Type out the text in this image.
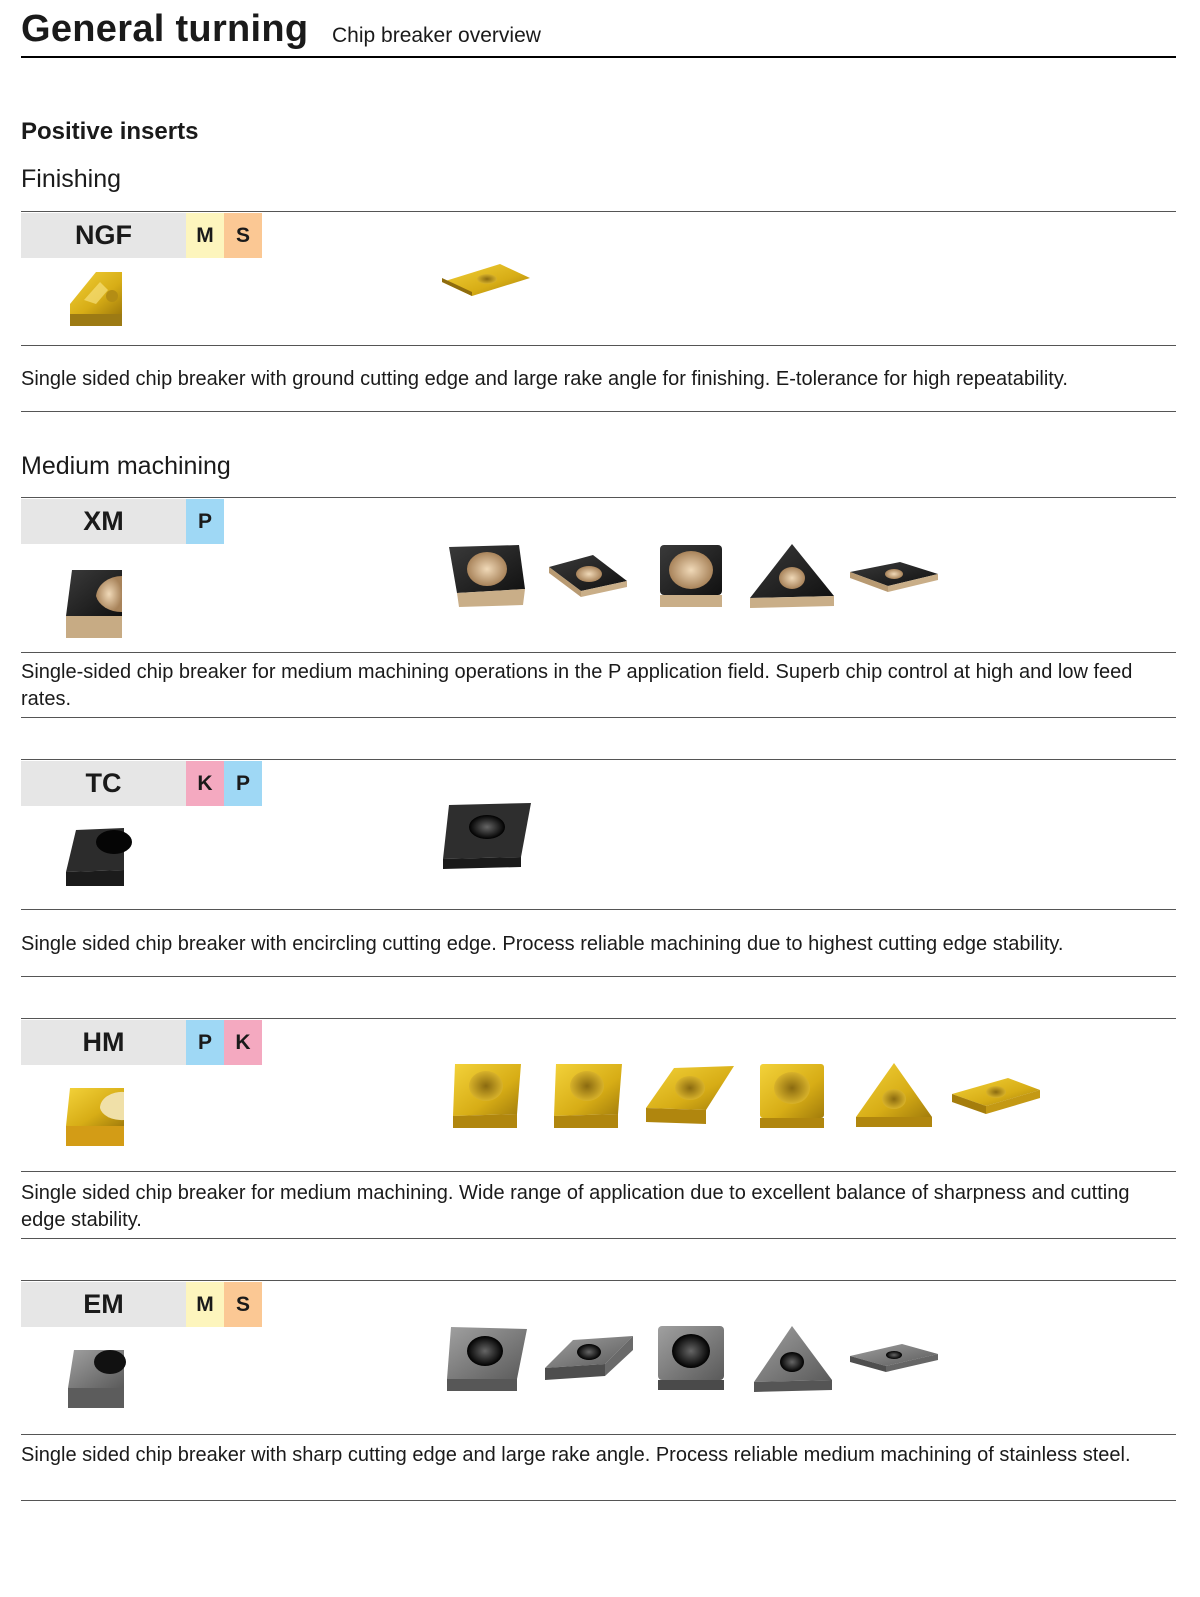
General turning Chip breaker overview
Positive inserts
Finishing
Medium machining
NGF	M	S
Single sided chip breaker with ground cutting edge and large rake angle for finishing. E-tolerance for high repeatability.
XM	P
Single-sided chip breaker for medium machining operations in the P application field. Superb chip control at high and low feed rates.
TC	K	P
Single sided chip breaker with encircling cutting edge. Process reliable machining due to highest cutting edge stability.
HM	P	K
Single sided chip breaker for medium machining. Wide range of application due to excellent balance of sharpness and cutting edge stability.
EM	M	S
Single sided chip breaker with sharp cutting edge and large rake angle. Process reliable medium machining of stainless steel.
